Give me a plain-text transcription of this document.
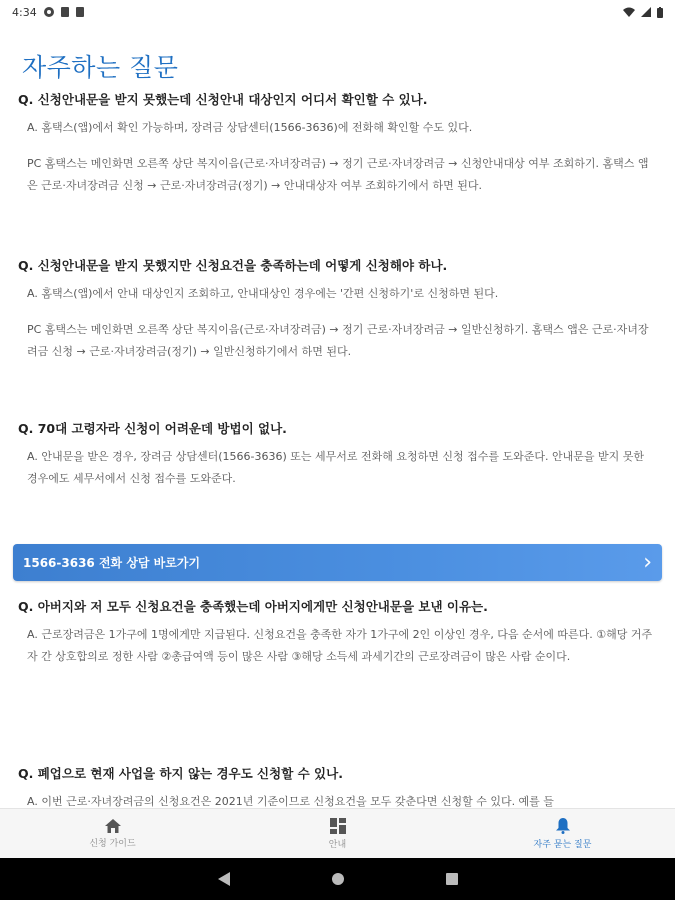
4:34
자주하는 질문
Q. 신청안내문을 받지 못했는데 신청안내 대상인지 어디서 확인할 수 있나.

A. 홈택스(앱)에서 확인 가능하며, 장려금 상담센터(1566-3636)에 전화해 확인할 수도 있다.

PC 홈택스는 메인화면 오른쪽 상단 복지이음(근로·자녀장려금) → 정기 근로·자녀장려금 → 신청안내대상 여부 조회하기. 홈택스 앱은 근로·자녀장려금 신청 → 근로·자녀장려금(정기) → 안내대상자 여부 조회하기에서 하면 된다.

Q. 신청안내문을 받지 못했지만 신청요건을 충족하는데 어떻게 신청해야 하나.

A. 홈택스(앱)에서 안내 대상인지 조회하고, 안내대상인 경우에는 '간편 신청하기'로 신청하면 된다.

PC 홈택스는 메인화면 오른쪽 상단 복지이음(근로·자녀장려금) → 정기 근로·자녀장려금 → 일반신청하기. 홈택스 앱은 근로·자녀장려금 신청 → 근로·자녀장려금(정기) → 일반신청하기에서 하면 된다.

Q. 70대 고령자라 신청이 어려운데 방법이 없나.

A. 안내문을 받은 경우, 장려금 상담센터(1566-3636) 또는 세무서로 전화해 요청하면 신청 접수를 도와준다. 안내문을 받지 못한 경우에도 세무서에서 신청 접수를 도와준다.

1566-3636 전화 상담 바로가기	›
Q. 아버지와 저 모두 신청요건을 충족했는데 아버지에게만 신청안내문을 보낸 이유는.

A. 근로장려금은 1가구에 1명에게만 지급된다. 신청요건을 충족한 자가 1가구에 2인 이상인 경우, 다음 순서에 따른다. ①해당 거주자 간 상호합의로 정한 사람 ②총급여액 등이 많은 사람 ③해당 소득세 과세기간의 근로장려금이 많은 사람 순이다.

Q. 폐업으로 현재 사업을 하지 않는 경우도 신청할 수 있나.

A. 이번 근로·자녀장려금의 신청요건은 2021년 기준이므로 신청요건을 모두 갖춘다면 신청할 수 있다. 예를 들

신청 가이드	안내	자주 묻는 질문
